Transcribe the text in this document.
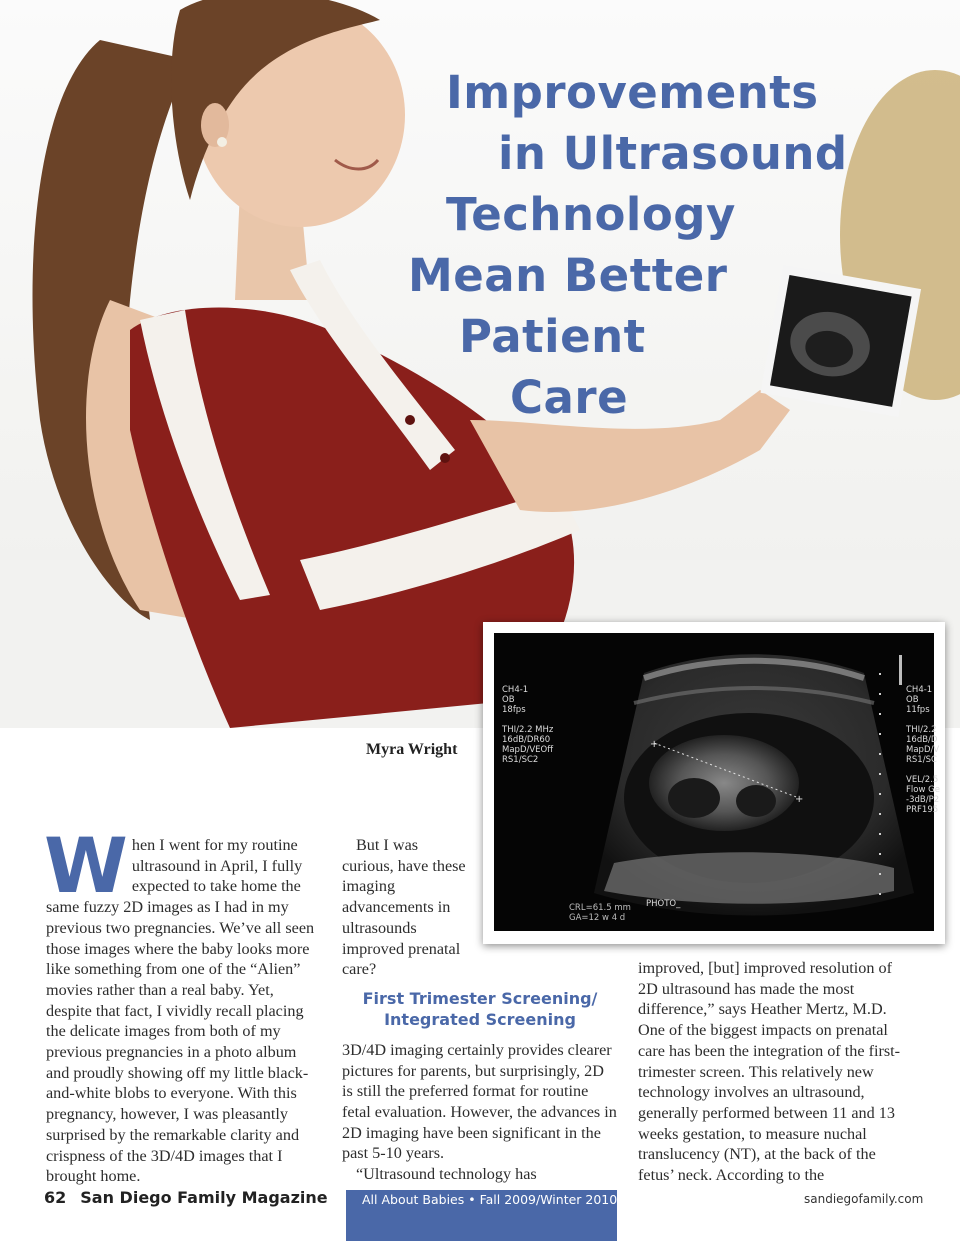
Improvements
in Ultrasound
Technology
Mean Better
Patient
Care
+
+
CH4-1
OB
18fps

THI/2.2 MHz
16dB/DR60
MapD/VEOff
RS1/SC2
CH4-1
OB
11fps

THI/2.2
16dB/D
MapD/V
RS1/SC

VEL/2.5
Flow Ge
-3dB/P2
PRF195
CRL=61.5 mm
GA=12 w 4 d
PHOTO_
Myra Wright

When I went for my routine ultrasound in April, I fully expected to take home the same fuzzy 2D images as I had in my previous two pregnancies. We’ve all seen those images where the baby looks more like something from one of the “Alien” movies rather than a real baby. Yet, despite that fact, I vividly recall placing the delicate images from both of my previous pregnancies in a photo album and proudly showing off my little black-and-white blobs to everyone. With this pregnancy, however, I was pleasantly surprised by the remarkable clarity and crispness of the 3D/4D images that I brought home.

But I was curious, have these imaging advancements in ultrasounds improved prenatal care?

First Trimester Screening/
Integrated Screening

3D/4D imaging certainly provides clearer pictures for parents, but surprisingly, 2D is still the preferred format for routine fetal evaluation. However, the advances in 2D imaging have been significant in the past 5-10 years.

“Ultrasound technology has

improved, [but] improved resolution of 2D ultrasound has made the most difference,” says Heather Mertz, M.D. One of the biggest impacts on prenatal care has been the integration of the first-trimester screen. This relatively new technology involves an ultrasound, generally performed between 11 and 13 weeks gestation, to measure nuchal translucency (NT), at the back of the fetus’ neck. According to the

62 San Diego Family Magazine	All About Babies • Fall 2009/Winter 2010	sandiegofamily.com
